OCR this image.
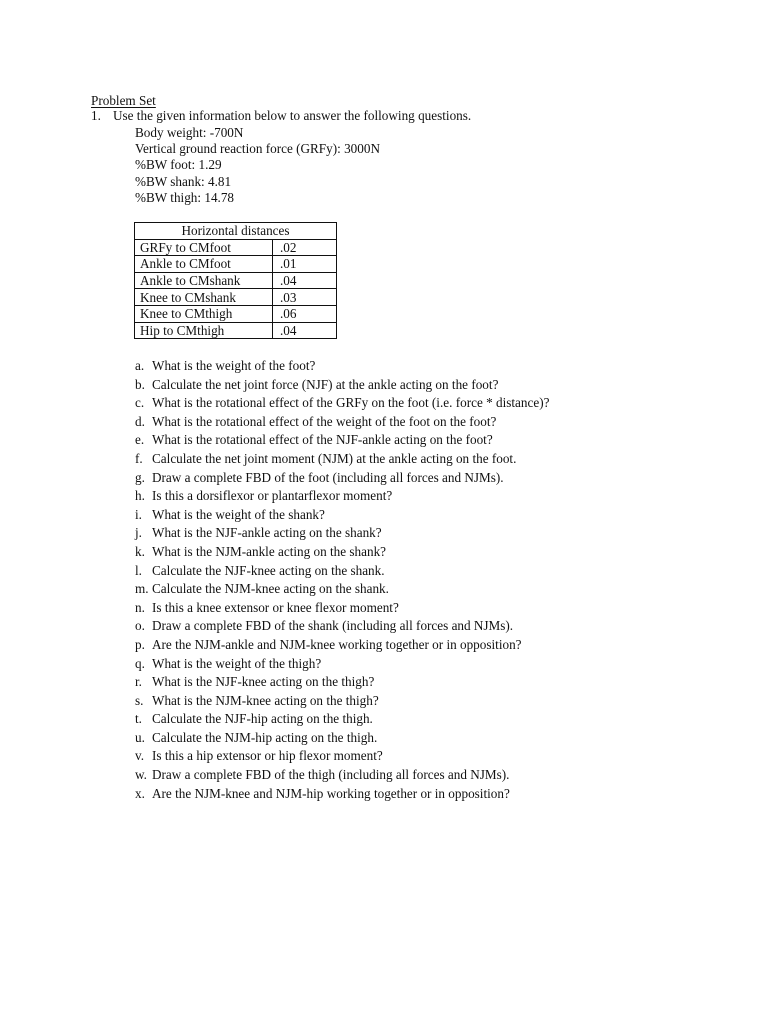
Problem Set
1. Use the given information below to answer the following questions.
Body weight: -700N
Vertical ground reaction force (GRFy): 3000N
%BW foot: 1.29
%BW shank: 4.81
%BW thigh: 14.78
Horizontal distances	
GRFy to CMfoot	.02
Ankle to CMfoot	.01
Ankle to CMshank	.04
Knee to CMshank	.03
Knee to CMthigh	.06
Hip to CMthigh	.04
a. What is the weight of the foot?
b. Calculate the net joint force (NJF) at the ankle acting on the foot?
c. What is the rotational effect of the GRFy on the foot (i.e. force * distance)?
d. What is the rotational effect of the weight of the foot on the foot?
e. What is the rotational effect of the NJF-ankle acting on the foot?
f. Calculate the net joint moment (NJM) at the ankle acting on the foot.
g. Draw a complete FBD of the foot (including all forces and NJMs).
h. Is this a dorsiflexor or plantarflexor moment?
i. What is the weight of the shank?
j. What is the NJF-ankle acting on the shank?
k. What is the NJM-ankle acting on the shank?
l. Calculate the NJF-knee acting on the shank.
m. Calculate the NJM-knee acting on the shank.
n. Is this a knee extensor or knee flexor moment?
o. Draw a complete FBD of the shank (including all forces and NJMs).
p. Are the NJM-ankle and NJM-knee working together or in opposition?
q. What is the weight of the thigh?
r. What is the NJF-knee acting on the thigh?
s. What is the NJM-knee acting on the thigh?
t. Calculate the NJF-hip acting on the thigh.
u. Calculate the NJM-hip acting on the thigh.
v. Is this a hip extensor or hip flexor moment?
w. Draw a complete FBD of the thigh (including all forces and NJMs).
x. Are the NJM-knee and NJM-hip working together or in opposition?
